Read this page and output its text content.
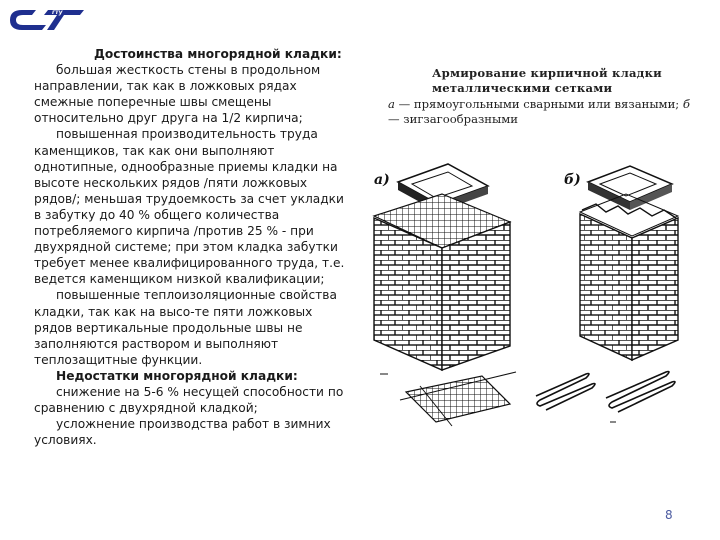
гту

Достоинства многорядной кладки:

большая жесткость стены в продольном направлении, так как в ложковых рядах смежные поперечные швы смещены относительно друг друга на 1/2 кирпича;

повышенная производительность труда каменщиков, так как они выполняют однотипные, однообразные приемы кладки на высоте нескольких рядов /пяти ложковых рядов/; меньшая трудоемкость за счет укладки в забутку до 40 % общего количества потребляемого кирпича /против 25 % - при двухрядной системе; при этом кладка забутки требует менее квалифицированного труда, т.е. ведется каменщиком низкой квалификации;

повышенные теплоизоляционные свойства кладки, так как на высо-те пяти ложковых рядов вертикальные продольные швы не заполняются раствором и выполняют теплозащитные функции.

Недостатки многорядной кладки:

снижение на 5-6 % несущей способности по сравнению с двухрядной кладкой;

усложнение производства работ в зимних условиях.

Армирование кирпичной кладки металлическими сетками
а — прямоугольными сварными или вязаными; б — зигзагообразными
а)	б)
8
